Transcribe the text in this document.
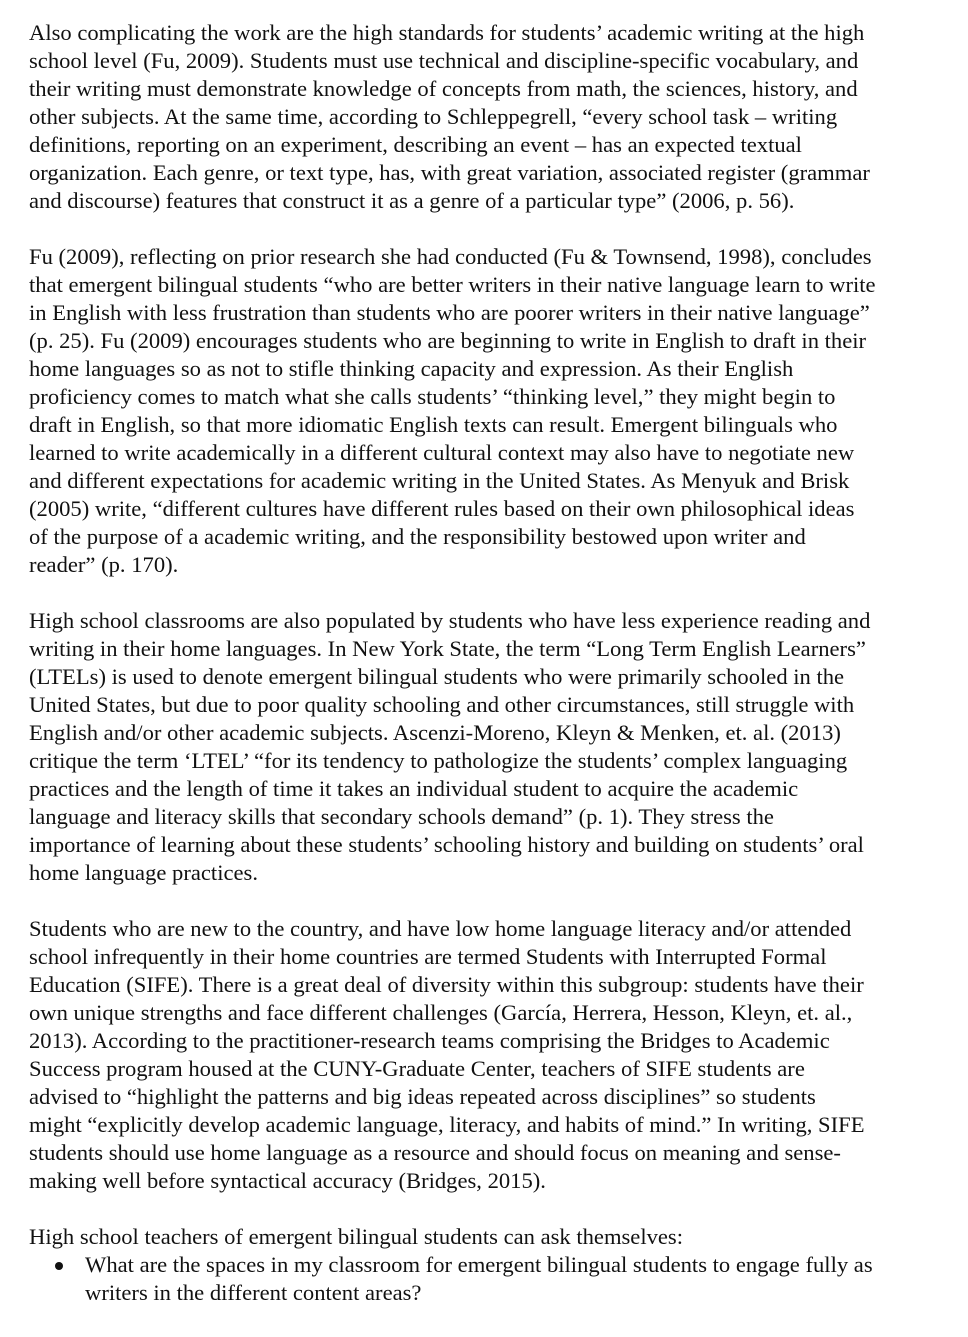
Also complicating the work are the high standards for students’ academic writing at the high
school level (Fu, 2009). Students must use technical and discipline-specific vocabulary, and
their writing must demonstrate knowledge of concepts from math, the sciences, history, and
other subjects. At the same time, according to Schleppegrell, “every school task – writing
definitions, reporting on an experiment, describing an event – has an expected textual
organization. Each genre, or text type, has, with great variation, associated register (grammar
and discourse) features that construct it as a genre of a particular type” (2006, p. 56).

Fu (2009), reflecting on prior research she had conducted (Fu & Townsend, 1998), concludes
that emergent bilingual students “who are better writers in their native language learn to write
in English with less frustration than students who are poorer writers in their native language”
(p. 25). Fu (2009) encourages students who are beginning to write in English to draft in their
home languages so as not to stifle thinking capacity and expression. As their English
proficiency comes to match what she calls students’ “thinking level,” they might begin to
draft in English, so that more idiomatic English texts can result. Emergent bilinguals who
learned to write academically in a different cultural context may also have to negotiate new
and different expectations for academic writing in the United States. As Menyuk and Brisk
(2005) write, “different cultures have different rules based on their own philosophical ideas
of the purpose of a academic writing, and the responsibility bestowed upon writer and
reader” (p. 170).

High school classrooms are also populated by students who have less experience reading and
writing in their home languages. In New York State, the term “Long Term English Learners”
(LTELs) is used to denote emergent bilingual students who were primarily schooled in the
United States, but due to poor quality schooling and other circumstances, still struggle with
English and/or other academic subjects. Ascenzi-Moreno, Kleyn & Menken, et. al. (2013)
critique the term ‘LTEL’ “for its tendency to pathologize the students’ complex languaging
practices and the length of time it takes an individual student to acquire the academic
language and literacy skills that secondary schools demand” (p. 1). They stress the
importance of learning about these students’ schooling history and building on students’ oral
home language practices.

Students who are new to the country, and have low home language literacy and/or attended
school infrequently in their home countries are termed Students with Interrupted Formal
Education (SIFE). There is a great deal of diversity within this subgroup: students have their
own unique strengths and face different challenges (García, Herrera, Hesson, Kleyn, et. al.,
2013). According to the practitioner-research teams comprising the Bridges to Academic
Success program housed at the CUNY-Graduate Center, teachers of SIFE students are
advised to “highlight the patterns and big ideas repeated across disciplines” so students
might “explicitly develop academic language, literacy, and habits of mind.” In writing, SIFE
students should use home language as a resource and should focus on meaning and sense-
making well before syntactical accuracy (Bridges, 2015).

High school teachers of emergent bilingual students can ask themselves:

What are the spaces in my classroom for emergent bilingual students to engage fully as
writers in the different content areas?
